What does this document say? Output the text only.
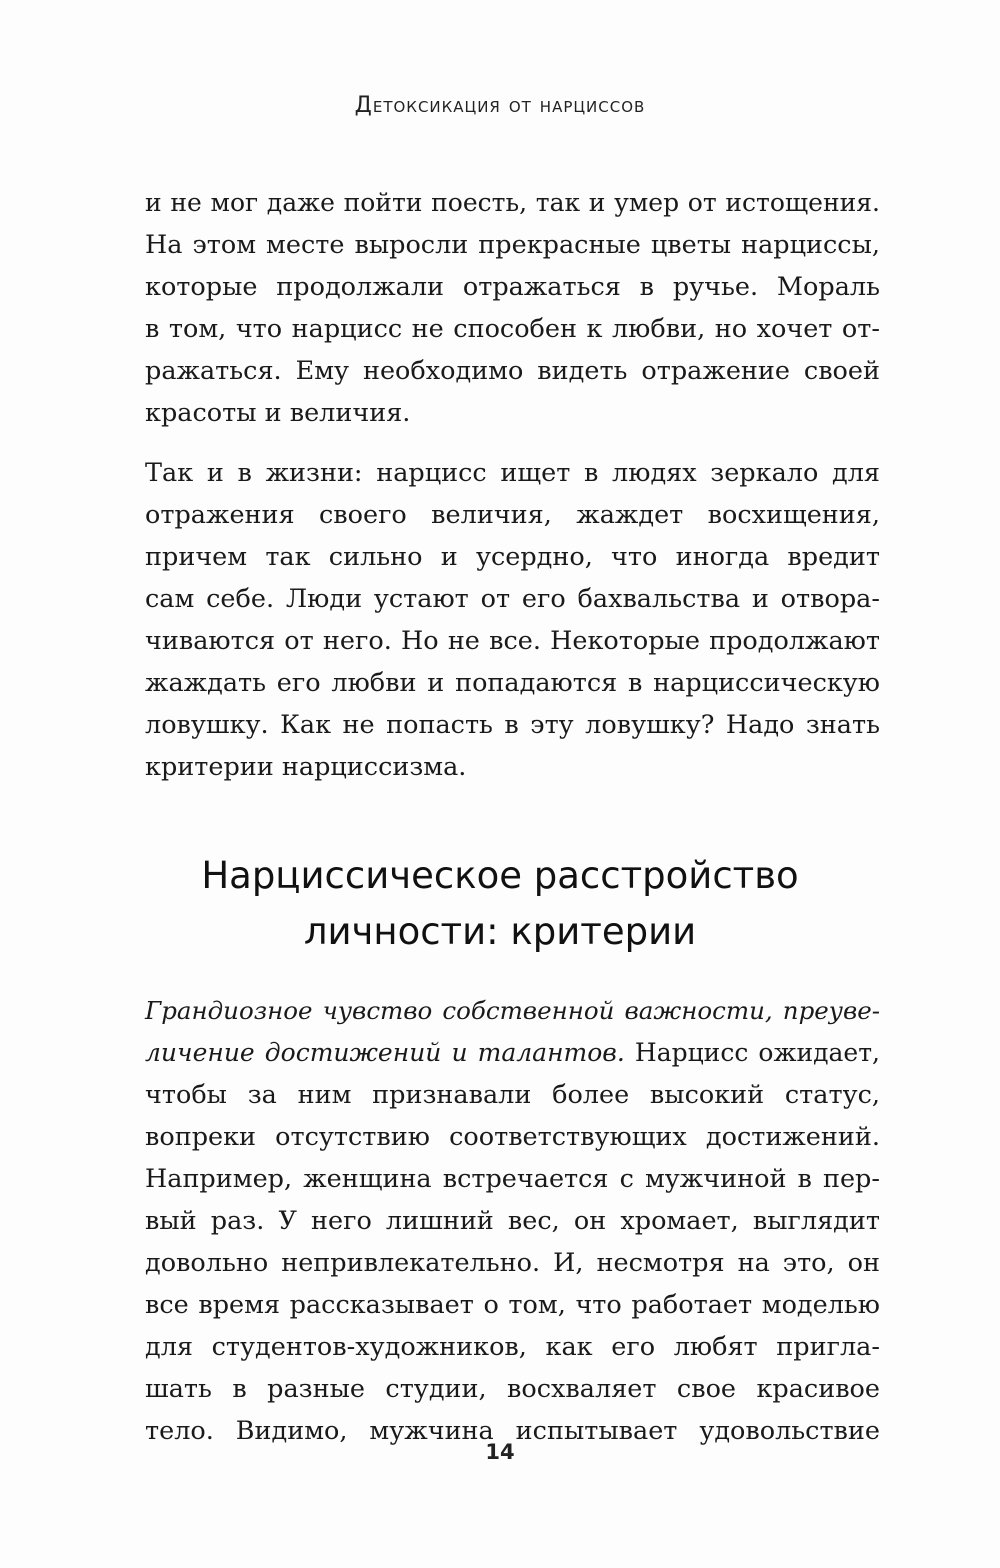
Детоксикация от нарциссов
и не мог даже пойти поесть, так и умер от истощения.
На этом месте выросли прекрасные цветы нарциссы,
которые продолжали отражаться в ручье. Мораль
в том, что нарцисс не способен к любви, но хочет от-
ражаться. Ему необходимо видеть отражение своей
красоты и величия.
Так и в жизни: нарцисс ищет в людях зеркало для
отражения своего величия, жаждет восхищения,
причем так сильно и усердно, что иногда вредит
сам себе. Люди устают от его бахвальства и отвора-
чиваются от него. Но не все. Некоторые продолжают
жаждать его любви и попадаются в нарциссическую
ловушку. Как не попасть в эту ловушку? Надо знать
критерии нарциссизма.
Нарциссическое расстройство
личности: критерии
Грандиозное чувство собственной важности, преуве-
личение достижений и талантов. Нарцисс ожидает,
чтобы за ним признавали более высокий статус,
вопреки отсутствию соответствующих достижений.
Например, женщина встречается с мужчиной в пер-
вый раз. У него лишний вес, он хромает, выглядит
довольно непривлекательно. И, несмотря на это, он
все время рассказывает о том, что работает моделью
для студентов-художников, как его любят пригла-
шать в разные студии, восхваляет свое красивое
тело. Видимо, мужчина испытывает удовольствие
14
